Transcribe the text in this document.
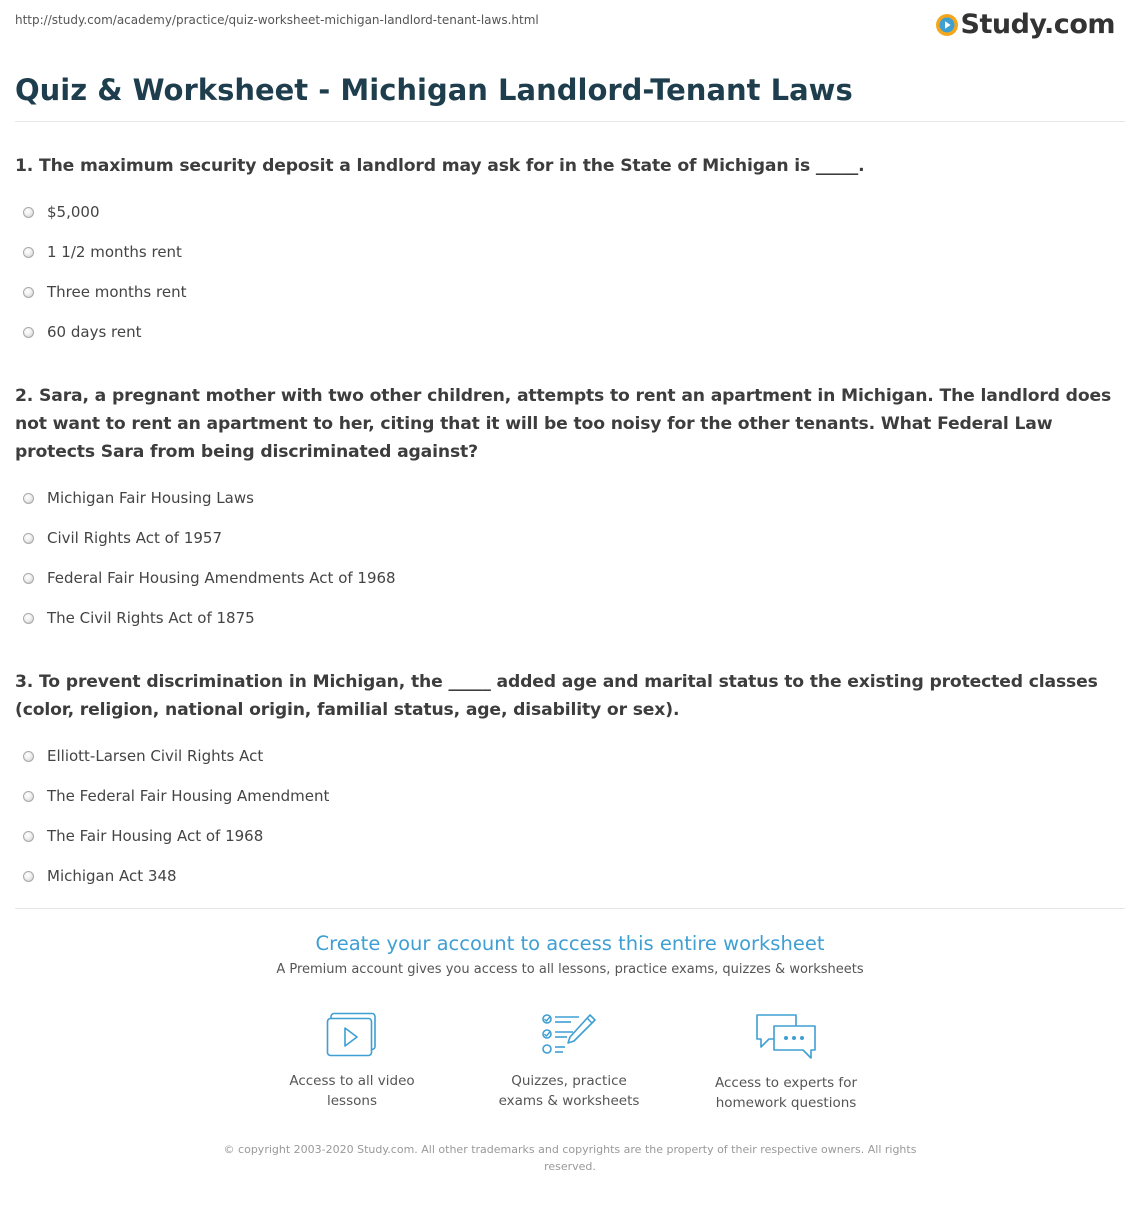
http://study.com/academy/practice/quiz-worksheet-michigan-landlord-tenant-laws.html	Study.com
Quiz & Worksheet - Michigan Landlord-Tenant Laws
1. The maximum security deposit a landlord may ask for in the State of Michigan is _____.
$5,000
1 1/2 months rent
Three months rent
60 days rent
2. Sara, a pregnant mother with two other children, attempts to rent an apartment in Michigan. The landlord does not want to rent an apartment to her, citing that it will be too noisy for the other tenants. What Federal Law protects Sara from being discriminated against?
Michigan Fair Housing Laws
Civil Rights Act of 1957
Federal Fair Housing Amendments Act of 1968
The Civil Rights Act of 1875
3. To prevent discrimination in Michigan, the _____ added age and marital status to the existing protected classes (color, religion, national origin, familial status, age, disability or sex).
Elliott-Larsen Civil Rights Act
The Federal Fair Housing Amendment
The Fair Housing Act of 1968
Michigan Act 348
Create your account to access this entire worksheet
A Premium account gives you access to all lessons, practice exams, quizzes & worksheets
Access to all video lessons
Quizzes, practice exams & worksheets
Access to experts for homework questions
© copyright 2003-2020 Study.com. All other trademarks and copyrights are the property of their respective owners. All rights reserved.
